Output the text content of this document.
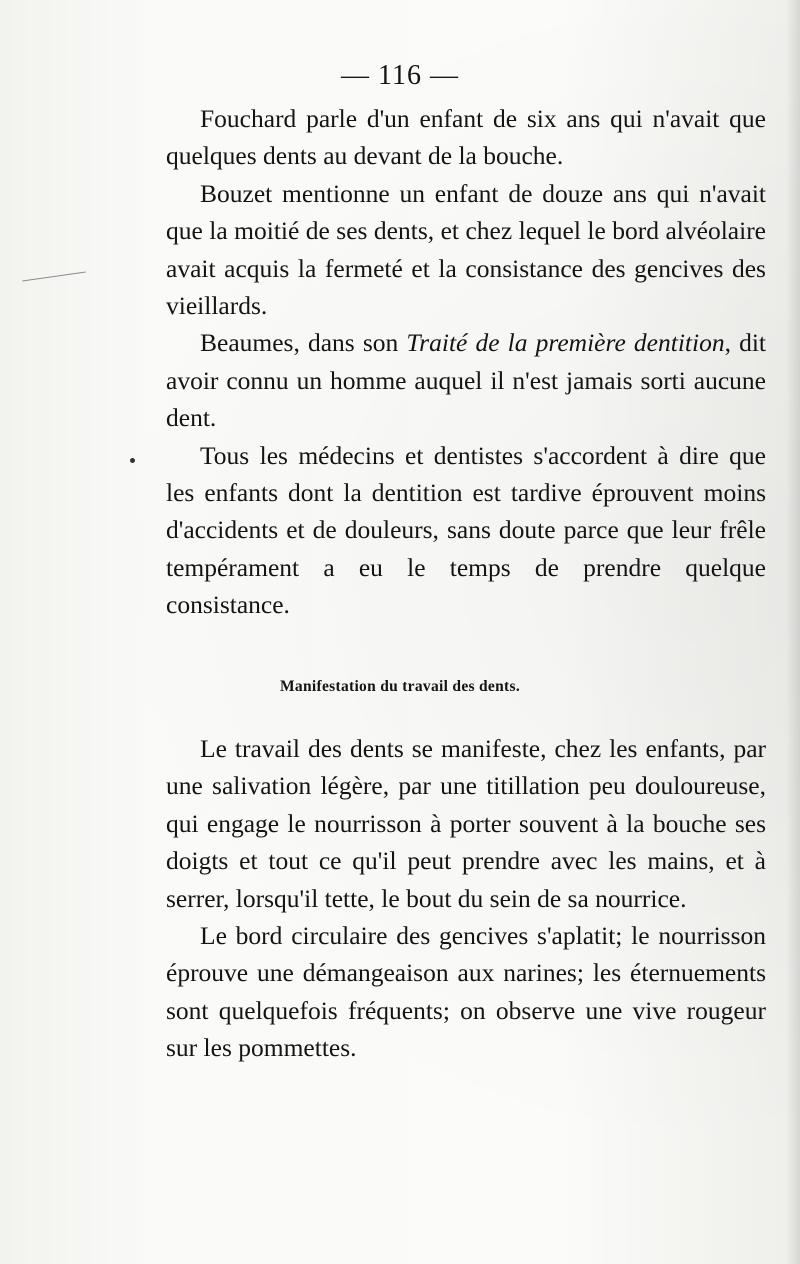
— 116 —

Fouchard parle d'un enfant de six ans qui n'avait que quelques dents au devant de la bouche.

Bouzet mentionne un enfant de douze ans qui n'avait que la moitié de ses dents, et chez lequel le bord alvéolaire avait acquis la fermeté et la consistance des gencives des vieillards.

Beaumes, dans son Traité de la première dentition, dit avoir connu un homme auquel il n'est jamais sorti aucune dent.

Tous les médecins et dentistes s'accordent à dire que les enfants dont la dentition est tardive éprouvent moins d'accidents et de douleurs, sans doute parce que leur frêle tempérament a eu le temps de prendre quelque consistance.

Manifestation du travail des dents.

Le travail des dents se manifeste, chez les enfants, par une salivation légère, par une titillation peu douloureuse, qui engage le nourrisson à porter souvent à la bouche ses doigts et tout ce qu'il peut prendre avec les mains, et à serrer, lorsqu'il tette, le bout du sein de sa nourrice.

Le bord circulaire des gencives s'aplatit; le nourrisson éprouve une démangeaison aux narines; les éternuements sont quelquefois fréquents; on observe une vive rougeur sur les pommettes.
